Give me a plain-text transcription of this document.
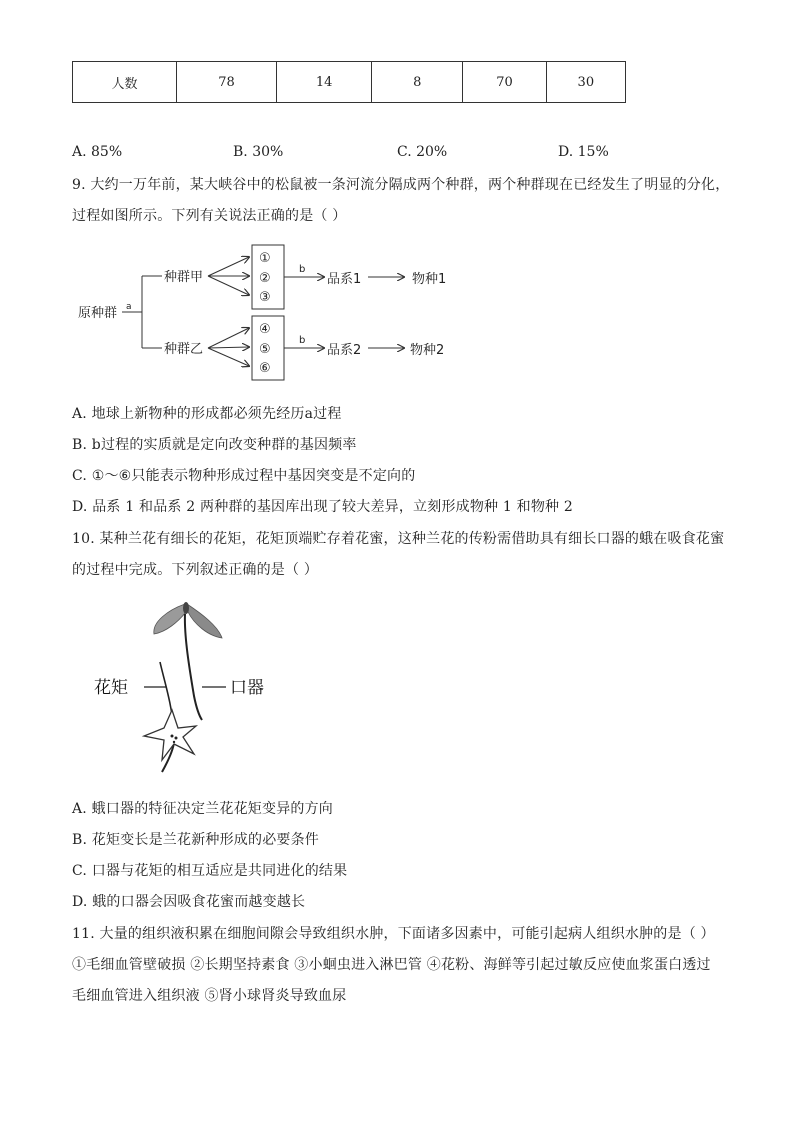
人数	78	14	8	70	30
A. 85%	B. 30%	C. 20%	D. 15%
9. 大约一万年前，某大峡谷中的松鼠被一条河流分隔成两个种群，两个种群现在已经发生了明显的分化，
过程如图所示。下列有关说法正确的是（ ）
原种群 a
种群甲
种群乙
①
②
③
④
⑤
⑥
b
b
品系1
品系2
物种1
物种2
A. 地球上新物种的形成都必须先经历a过程
B. b过程的实质就是定向改变种群的基因频率
C. ①～⑥只能表示物种形成过程中基因突变是不定向的
D. 品系 1 和品系 2 两种群的基因库出现了较大差异，立刻形成物种 1 和物种 2
10. 某种兰花有细长的花矩，花矩顶端贮存着花蜜，这种兰花的传粉需借助具有细长口器的蛾在吸食花蜜
的过程中完成。下列叙述正确的是（ ）
花矩	口器
A. 蛾口器的特征决定兰花花矩变异的方向
B. 花矩变长是兰花新种形成的必要条件
C. 口器与花矩的相互适应是共同进化的结果
D. 蛾的口器会因吸食花蜜而越变越长
11. 大量的组织液积累在细胞间隙会导致组织水肿，下面诸多因素中，可能引起病人组织水肿的是（ ）
①毛细血管壁破损 ②长期坚持素食 ③小蛔虫进入淋巴管 ④花粉、海鲜等引起过敏反应使血浆蛋白透过
毛细血管进入组织液 ⑤肾小球肾炎导致血尿
